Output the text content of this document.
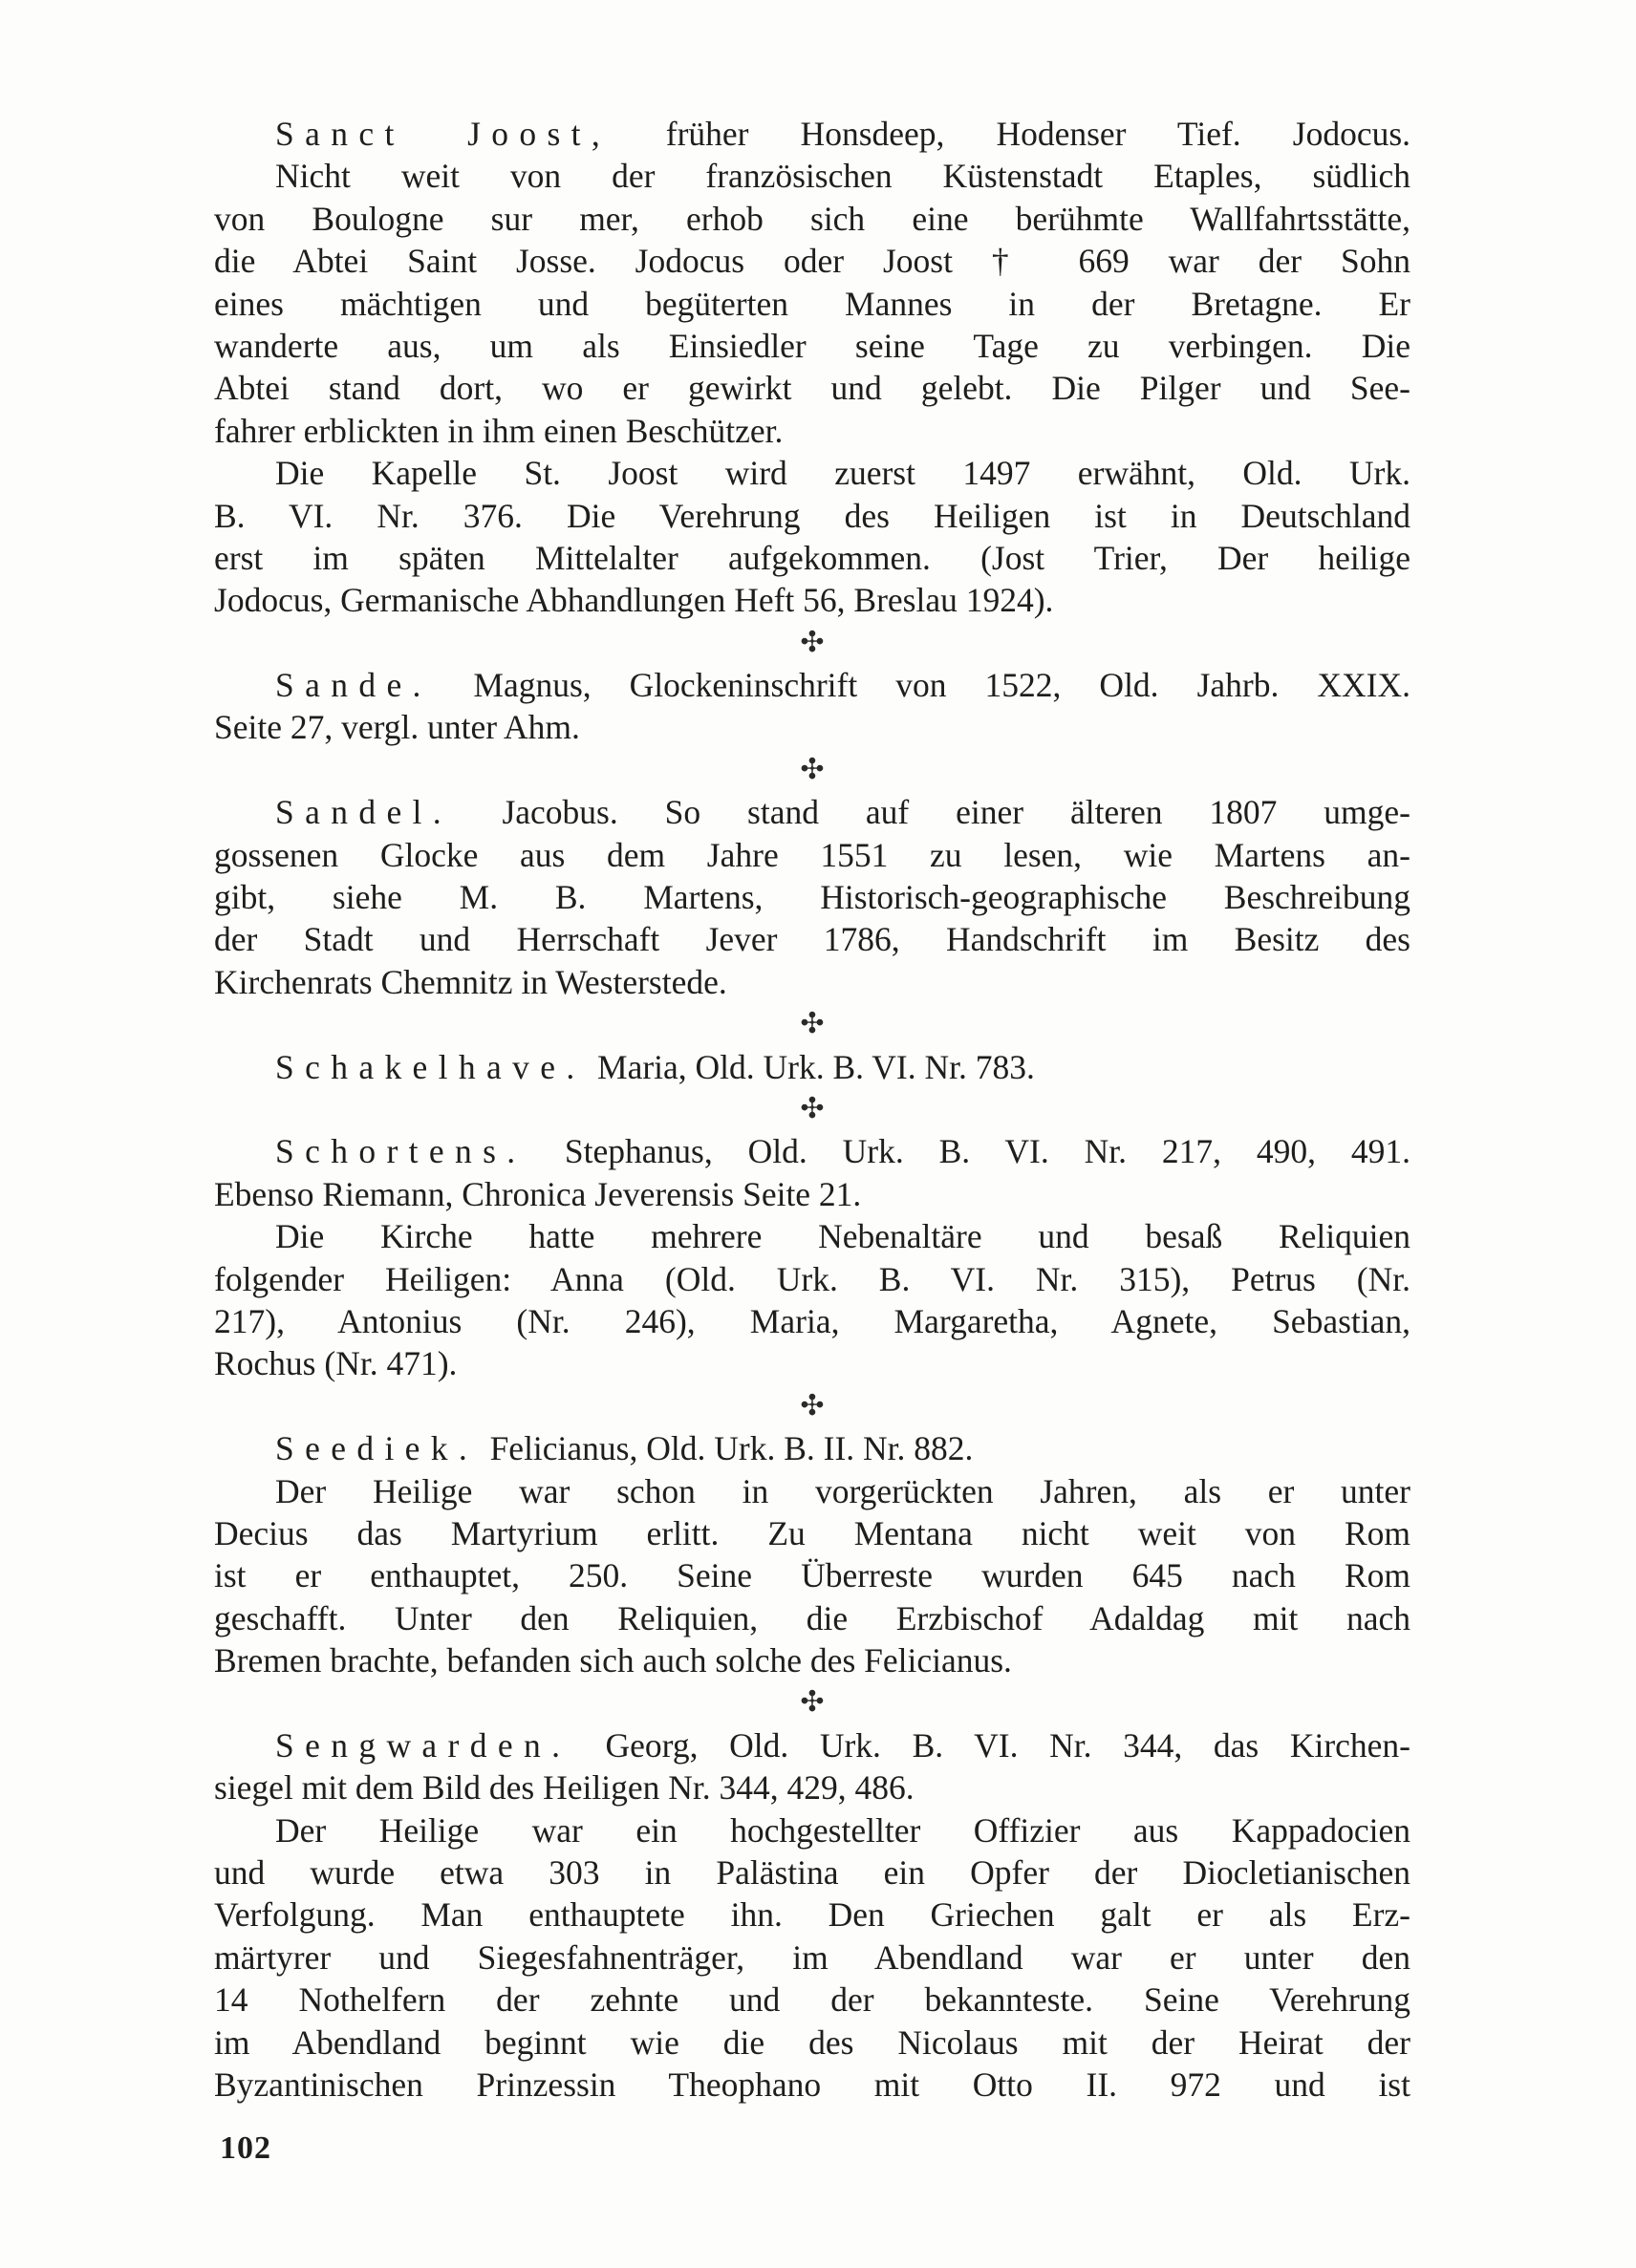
Sanct Joost, früher Honsdeep, Hodenser Tief. Jodocus.
Nicht weit von der französischen Küstenstadt Etaples, südlich
von Boulogne sur mer, erhob sich eine berühmte Wallfahrtsstätte,
die Abtei Saint Josse. Jodocus oder Joost † 669 war der Sohn
eines mächtigen und begüterten Mannes in der Bretagne. Er
wanderte aus, um als Einsiedler seine Tage zu verbingen. Die
Abtei stand dort, wo er gewirkt und gelebt. Die Pilger und See-
fahrer erblickten in ihm einen Beschützer.
Die Kapelle St. Joost wird zuerst 1497 erwähnt, Old. Urk.
B. VI. Nr. 376. Die Verehrung des Heiligen ist in Deutschland
erst im späten Mittelalter aufgekommen. (Jost Trier, Der heilige
Jodocus, Germanische Abhandlungen Heft 56, Breslau 1924).
✣
Sande. Magnus, Glockeninschrift von 1522, Old. Jahrb. XXIX.
Seite 27, vergl. unter Ahm.
✣
Sandel. Jacobus. So stand auf einer älteren 1807 umge-
gossenen Glocke aus dem Jahre 1551 zu lesen, wie Martens an-
gibt, siehe M. B. Martens, Historisch-geographische Beschreibung
der Stadt und Herrschaft Jever 1786, Handschrift im Besitz des
Kirchenrats Chemnitz in Westerstede.
✣
Schakelhave. Maria, Old. Urk. B. VI. Nr. 783.
✣
Schortens. Stephanus, Old. Urk. B. VI. Nr. 217, 490, 491.
Ebenso Riemann, Chronica Jeverensis Seite 21.
Die Kirche hatte mehrere Nebenaltäre und besaß Reliquien
folgender Heiligen: Anna (Old. Urk. B. VI. Nr. 315), Petrus (Nr.
217), Antonius (Nr. 246), Maria, Margaretha, Agnete, Sebastian,
Rochus (Nr. 471).
✣
Seediek. Felicianus, Old. Urk. B. II. Nr. 882.
Der Heilige war schon in vorgerückten Jahren, als er unter
Decius das Martyrium erlitt. Zu Mentana nicht weit von Rom
ist er enthauptet, 250. Seine Überreste wurden 645 nach Rom
geschafft. Unter den Reliquien, die Erzbischof Adaldag mit nach
Bremen brachte, befanden sich auch solche des Felicianus.
✣
Sengwarden. Georg, Old. Urk. B. VI. Nr. 344, das Kirchen-
siegel mit dem Bild des Heiligen Nr. 344, 429, 486.
Der Heilige war ein hochgestellter Offizier aus Kappadocien
und wurde etwa 303 in Palästina ein Opfer der Diocletianischen
Verfolgung. Man enthauptete ihn. Den Griechen galt er als Erz-
märtyrer und Siegesfahnenträger, im Abendland war er unter den
14 Nothelfern der zehnte und der bekannteste. Seine Verehrung
im Abendland beginnt wie die des Nicolaus mit der Heirat der
Byzantinischen Prinzessin Theophano mit Otto II. 972 und ist
102
